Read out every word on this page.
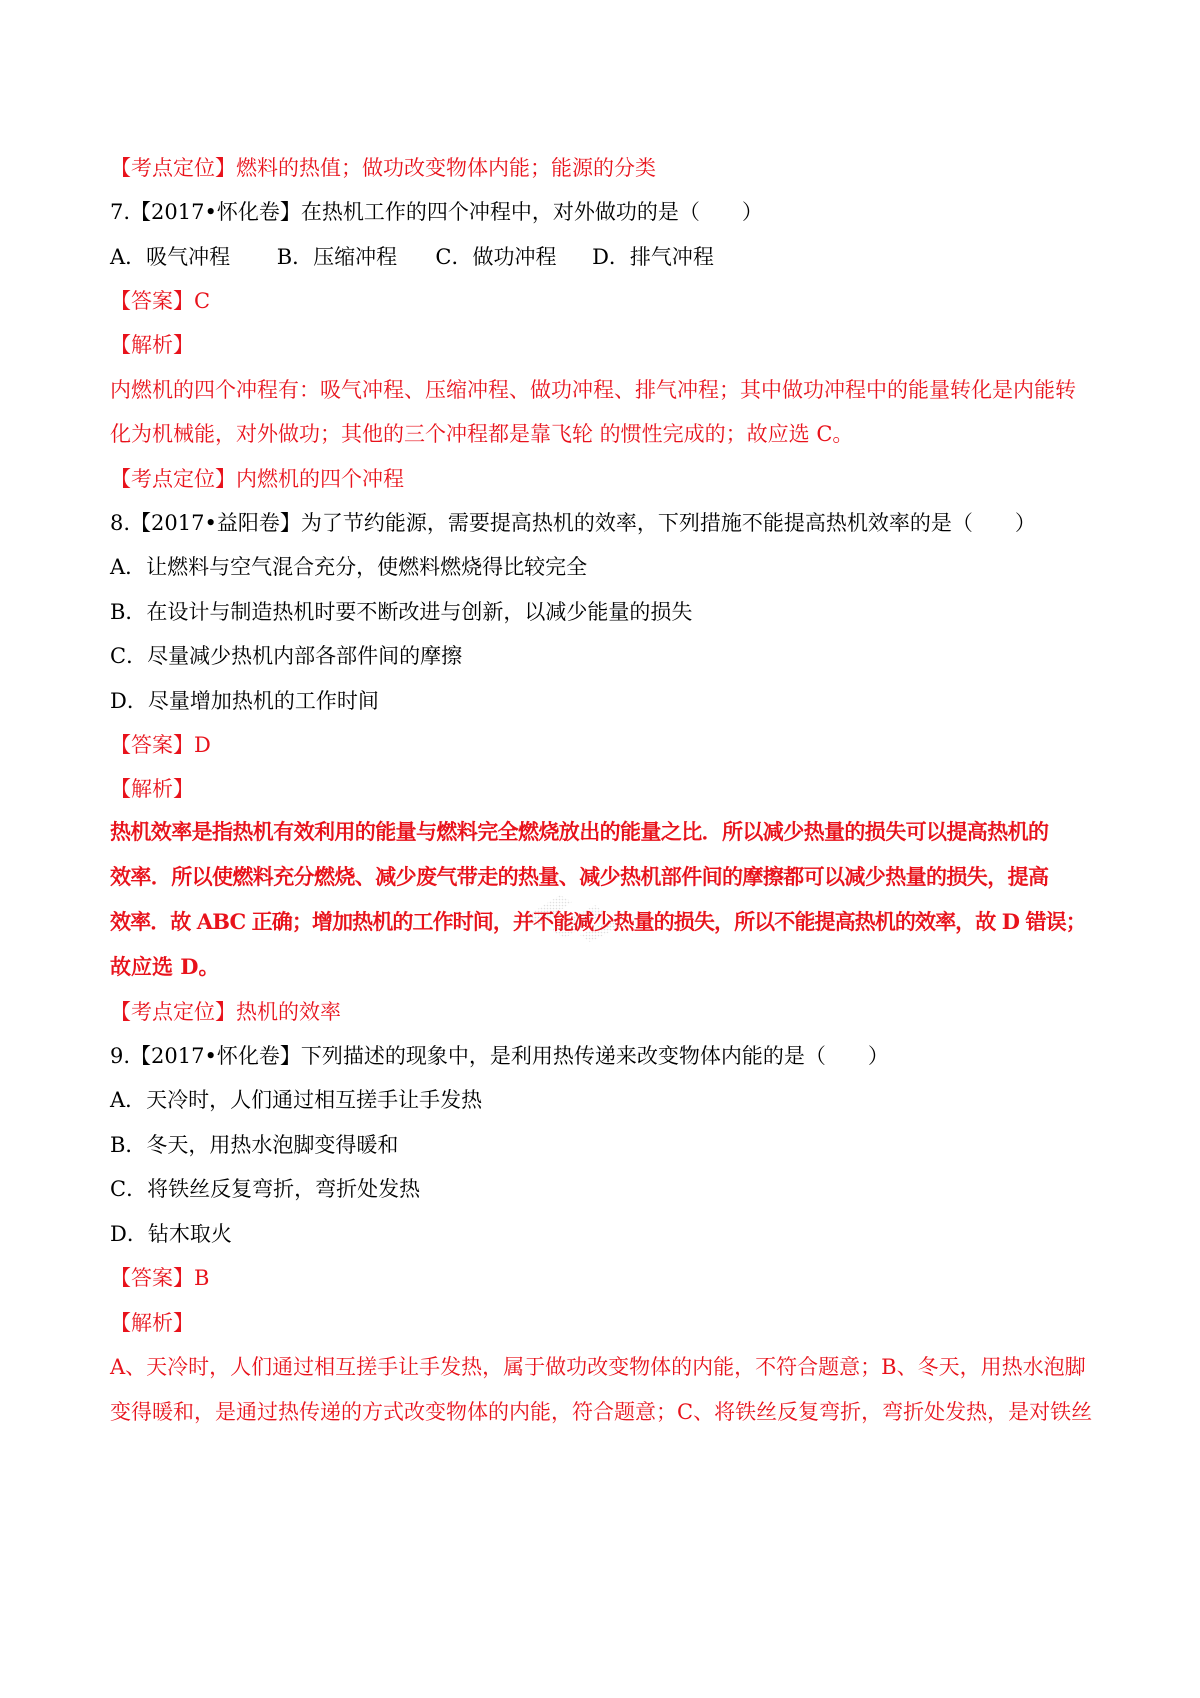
【考点定位】燃料的热值；做功改变物体内能；能源的分类
7.【2017•怀化卷】在热机工作的四个冲程中，对外做功的是（　　）
A．吸气冲程 B．压缩冲程 C．做功冲程 D．排气冲程
【答案】C
【解析】
内燃机的四个冲程有：吸气冲程、压缩冲程、做功冲程、排气冲程；其中做功冲程中的能量转化是内能转
化为机械能，对外做功；其他的三个冲程都是靠飞轮 的惯性完成的；故应选 C。
【考点定位】内燃机的四个冲程
8.【2017•益阳卷】为了节约能源，需要提高热机的效率，下列措施不能提高热机效率的是（　　）
A．让燃料与空气混合充分，使燃料燃烧得比较完全
B．在设计与制造热机时要不断改进与创新，以减少能量的损失
C．尽量减少热机内部各部件间的摩擦
D．尽量增加热机的工作时间
【答案】D
【解析】
热机效率是指热机有效利用的能量与燃料完全燃烧放出的能量之比．所以减少热量的损失可以提高热机的
效率．所以使燃料充分燃烧、减少废气带走的热量、减少热机部件间的摩擦都可以减少热量的损失，提高
效率．故 ABC 正确；增加热机的工作时间，并不能减少热量的损失，所以不能提高热机的效率，故 D 错误；
故应选 D。
【考点定位】热机的效率
9.【2017•怀化卷】下列描述的现象中，是利用热传递来改变物体内能的是（　　）
A．天冷时，人们通过相互搓手让手发热
B．冬天，用热水泡脚变得暖和
C．将铁丝反复弯折，弯折处发热
D．钻木取火
【答案】B
【解析】
A、天冷时，人们通过相互搓手让手发热，属于做功改变物体的内能，不符合题意；B、冬天，用热水泡脚
变得暖和，是通过热传递的方式改变物体的内能，符合题意；C、将铁丝反复弯折，弯折处发热，是对铁丝
